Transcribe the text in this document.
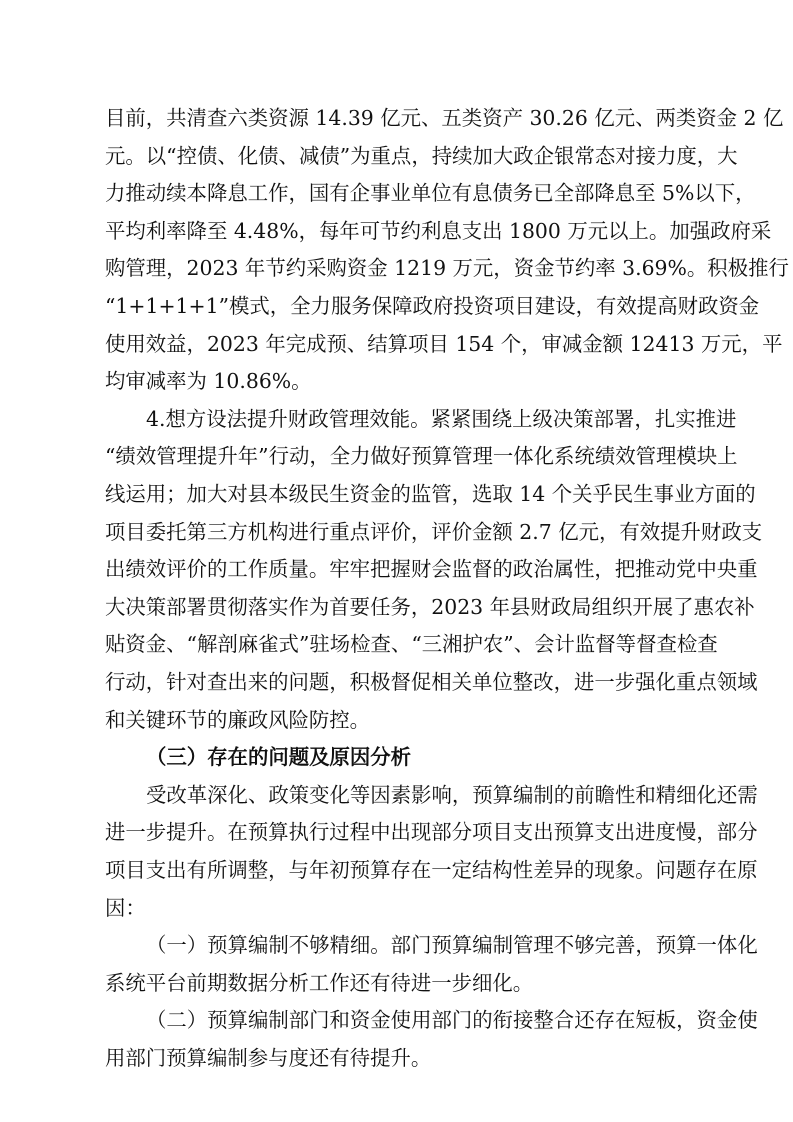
目前，共清查六类资源 14.39 亿元、五类资产 30.26 亿元、两类资金 2 亿
元。以“控债、化债、减债”为重点，持续加大政企银常态对接力度，大
力推动续本降息工作，国有企事业单位有息债务已全部降息至 5%以下，
平均利率降至 4.48%，每年可节约利息支出 1800 万元以上。加强政府采
购管理，2023 年节约采购资金 1219 万元，资金节约率 3.69%。积极推行
“1+1+1+1”模式，全力服务保障政府投资项目建设，有效提高财政资金
使用效益，2023 年完成预、结算项目 154 个，审减金额 12413 万元，平
均审减率为 10.86%。
4.想方设法提升财政管理效能。紧紧围绕上级决策部署，扎实推进
“绩效管理提升年”行动，全力做好预算管理一体化系统绩效管理模块上
线运用；加大对县本级民生资金的监管，选取 14 个关乎民生事业方面的
项目委托第三方机构进行重点评价，评价金额 2.7 亿元，有效提升财政支
出绩效评价的工作质量。牢牢把握财会监督的政治属性，把推动党中央重
大决策部署贯彻落实作为首要任务，2023 年县财政局组织开展了惠农补
贴资金、“解剖麻雀式”驻场检查、“三湘护农”、会计监督等督查检查
行动，针对查出来的问题，积极督促相关单位整改，进一步强化重点领域
和关键环节的廉政风险防控。
（三）存在的问题及原因分析
受改革深化、政策变化等因素影响，预算编制的前瞻性和精细化还需
进一步提升。在预算执行过程中出现部分项目支出预算支出进度慢，部分
项目支出有所调整，与年初预算存在一定结构性差异的现象。问题存在原
因：
（一）预算编制不够精细。部门预算编制管理不够完善，预算一体化
系统平台前期数据分析工作还有待进一步细化。
（二）预算编制部门和资金使用部门的衔接整合还存在短板，资金使
用部门预算编制参与度还有待提升。
